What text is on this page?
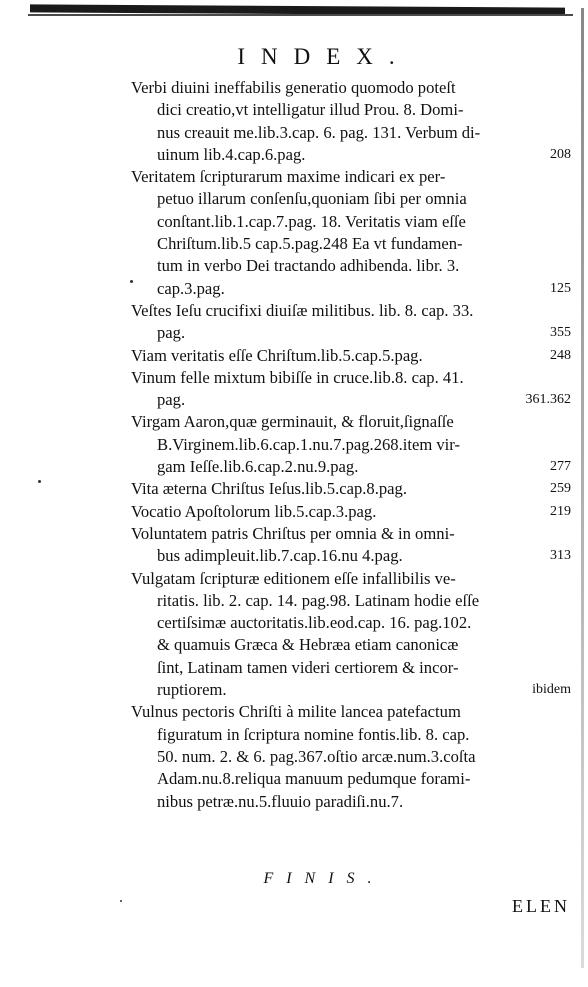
INDEX.
Verbi diuini ineffabilis generatio quomodo poteſt
dici creatio,vt intelligatur illud Prou. 8. Domi-
nus creauit me.lib.3.cap. 6. pag. 131. Verbum di-
uinum lib.4.cap.6.pag.	208
Veritatem ſcripturarum maxime indicari ex per-
petuo illarum conſenſu,quoniam ſibi per omnia
conſtant.lib.1.cap.7.pag. 18. Veritatis viam eſſe
Chriſtum.lib.5 cap.5.pag.248 Ea vt fundamen-
tum in verbo Dei tractando adhibenda. libr. 3.
cap.3.pag.	125
Veſtes Ieſu crucifixi diuiſæ militibus. lib. 8. cap. 33.
pag.	355
Viam veritatis eſſe Chriſtum.lib.5.cap.5.pag.	248
Vinum felle mixtum bibiſſe in cruce.lib.8. cap. 41.
pag.	361.362
Virgam Aaron,quæ germinauit, & floruit,ſignaſſe
B.Virginem.lib.6.cap.1.nu.7.pag.268.item vir-
gam Ieſſe.lib.6.cap.2.nu.9.pag.	277
Vita æterna Chriſtus Ieſus.lib.5.cap.8.pag.	259
Vocatio Apoſtolorum lib.5.cap.3.pag.	219
Voluntatem patris Chriſtus per omnia & in omni-
bus adimpleuit.lib.7.cap.16.nu 4.pag.	313
Vulgatam ſcripturæ editionem eſſe infallibilis ve-
ritatis. lib. 2. cap. 14. pag.98. Latinam hodie eſſe
certiſsimæ auctoritatis.lib.eod.cap. 16. pag.102.
& quamuis Græca & Hebræa etiam canonicæ
ſint, Latinam tamen videri certiorem & incor-
ruptiorem.	ibidem
Vulnus pectoris Chriſti à milite lancea patefactum
figuratum in ſcriptura nomine fontis.lib. 8. cap.
50. num. 2. & 6. pag.367.oſtio arcæ.num.3.coſta
Adam.nu.8.reliqua manuum pedumque forami-
nibus petræ.nu.5.fluuio paradiſi.nu.7.
FINIS.
ELEN
